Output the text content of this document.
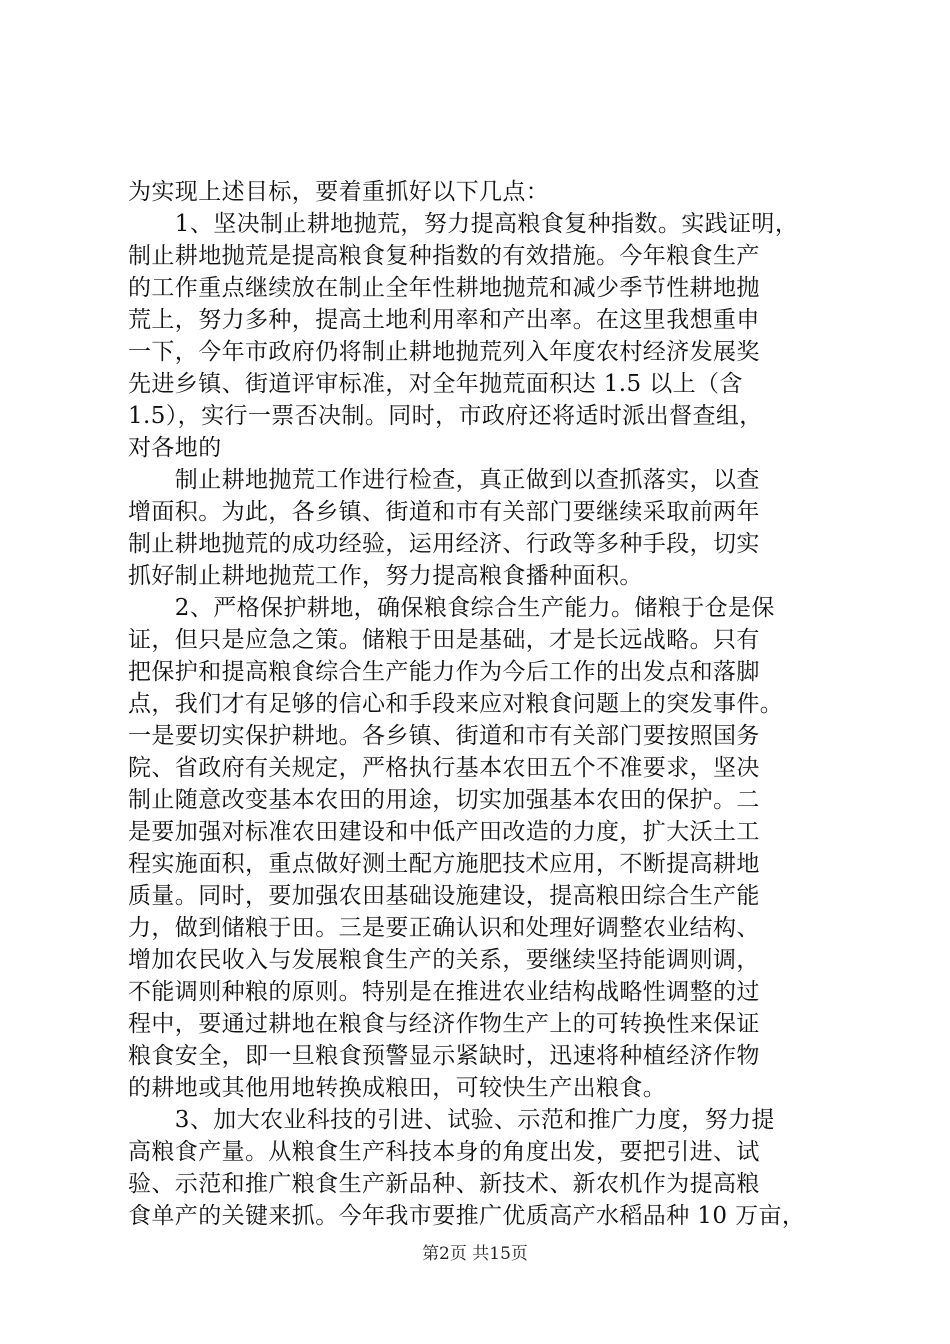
为实现上述目标，要着重抓好以下几点：
　　1、坚决制止耕地抛荒，努力提高粮食复种指数。实践证明，
制止耕地抛荒是提高粮食复种指数的有效措施。今年粮食生产
的工作重点继续放在制止全年性耕地抛荒和减少季节性耕地抛
荒上，努力多种，提高土地利用率和产出率。在这里我想重申
一下，今年市政府仍将制止耕地抛荒列入年度农村经济发展奖
先进乡镇、街道评审标准，对全年抛荒面积达 1.5 以上（含
1.5），实行一票否决制。同时，市政府还将适时派出督查组，
对各地的
　　制止耕地抛荒工作进行检查，真正做到以查抓落实，以查
增面积。为此，各乡镇、街道和市有关部门要继续采取前两年
制止耕地抛荒的成功经验，运用经济、行政等多种手段，切实
抓好制止耕地抛荒工作，努力提高粮食播种面积。
　　2、严格保护耕地，确保粮食综合生产能力。储粮于仓是保
证，但只是应急之策。储粮于田是基础，才是长远战略。只有
把保护和提高粮食综合生产能力作为今后工作的出发点和落脚
点，我们才有足够的信心和手段来应对粮食问题上的突发事件。
一是要切实保护耕地。各乡镇、街道和市有关部门要按照国务
院、省政府有关规定，严格执行基本农田五个不准要求，坚决
制止随意改变基本农田的用途，切实加强基本农田的保护。二
是要加强对标准农田建设和中低产田改造的力度，扩大沃土工
程实施面积，重点做好测土配方施肥技术应用，不断提高耕地
质量。同时，要加强农田基础设施建设，提高粮田综合生产能
力，做到储粮于田。三是要正确认识和处理好调整农业结构、
增加农民收入与发展粮食生产的关系，要继续坚持能调则调，
不能调则种粮的原则。特别是在推进农业结构战略性调整的过
程中，要通过耕地在粮食与经济作物生产上的可转换性来保证
粮食安全，即一旦粮食预警显示紧缺时，迅速将种植经济作物
的耕地或其他用地转换成粮田，可较快生产出粮食。
　　3、加大农业科技的引进、试验、示范和推广力度，努力提
高粮食产量。从粮食生产科技本身的角度出发，要把引进、试
验、示范和推广粮食生产新品种、新技术、新农机作为提高粮
食单产的关键来抓。今年我市要推广优质高产水稻品种 10 万亩，
第2页 共15页
